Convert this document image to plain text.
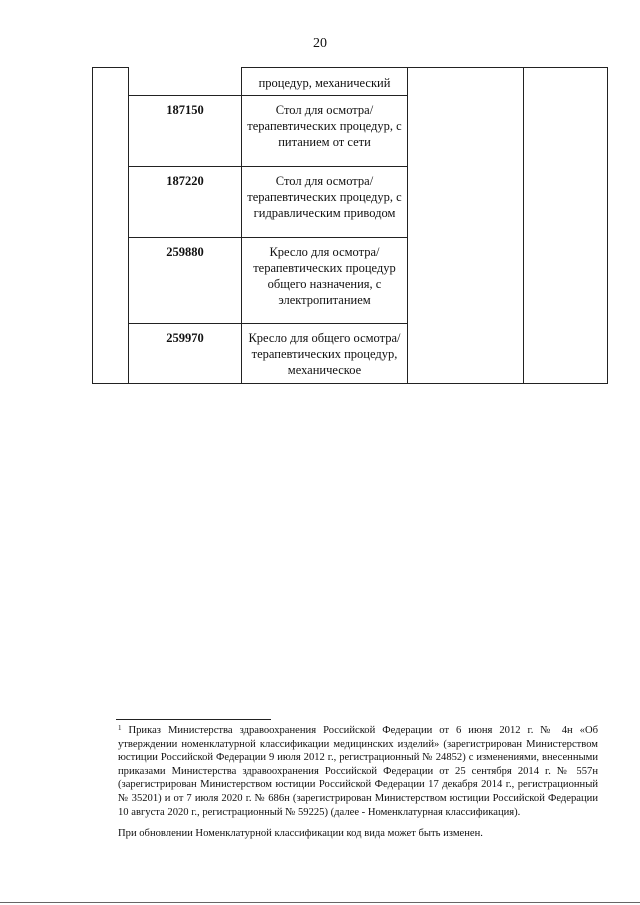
20
		процедур, механический		
	187150	Стол для осмотра/терапевтических процедур, с питанием от сети		
	187220	Стол для осмотра/терапевтических процедур, с гидравлическим приводом		
	259880	Кресло для осмотра/терапевтических процедур общего назначения, с электропитанием		
	259970	Кресло для общего осмотра/терапевтических процедур, механическое		
$^1$ Приказ Министерства здравоохранения Российской Федерации от 6 июня 2012 г. № 4н «Об утверждении номенклатурной классификации медицинских изделий» (зарегистрирован Министерством юстиции Российской Федерации 9 июля 2012 г., регистрационный № 24852) с изменениями, внесенными приказами Министерства здравоохранения Российской Федерации от 25 сентября 2014 г. № 557н (зарегистрирован Министерством юстиции Российской Федерации 17 декабря 2014 г., регистрационный № 35201) и от 7 июля 2020 г. № 686н (зарегистрирован Министерством юстиции Российской Федерации 10 августа 2020 г., регистрационный № 59225) (далее - Номенклатурная классификация).
При обновлении Номенклатурной классификации код вида может быть изменен.
